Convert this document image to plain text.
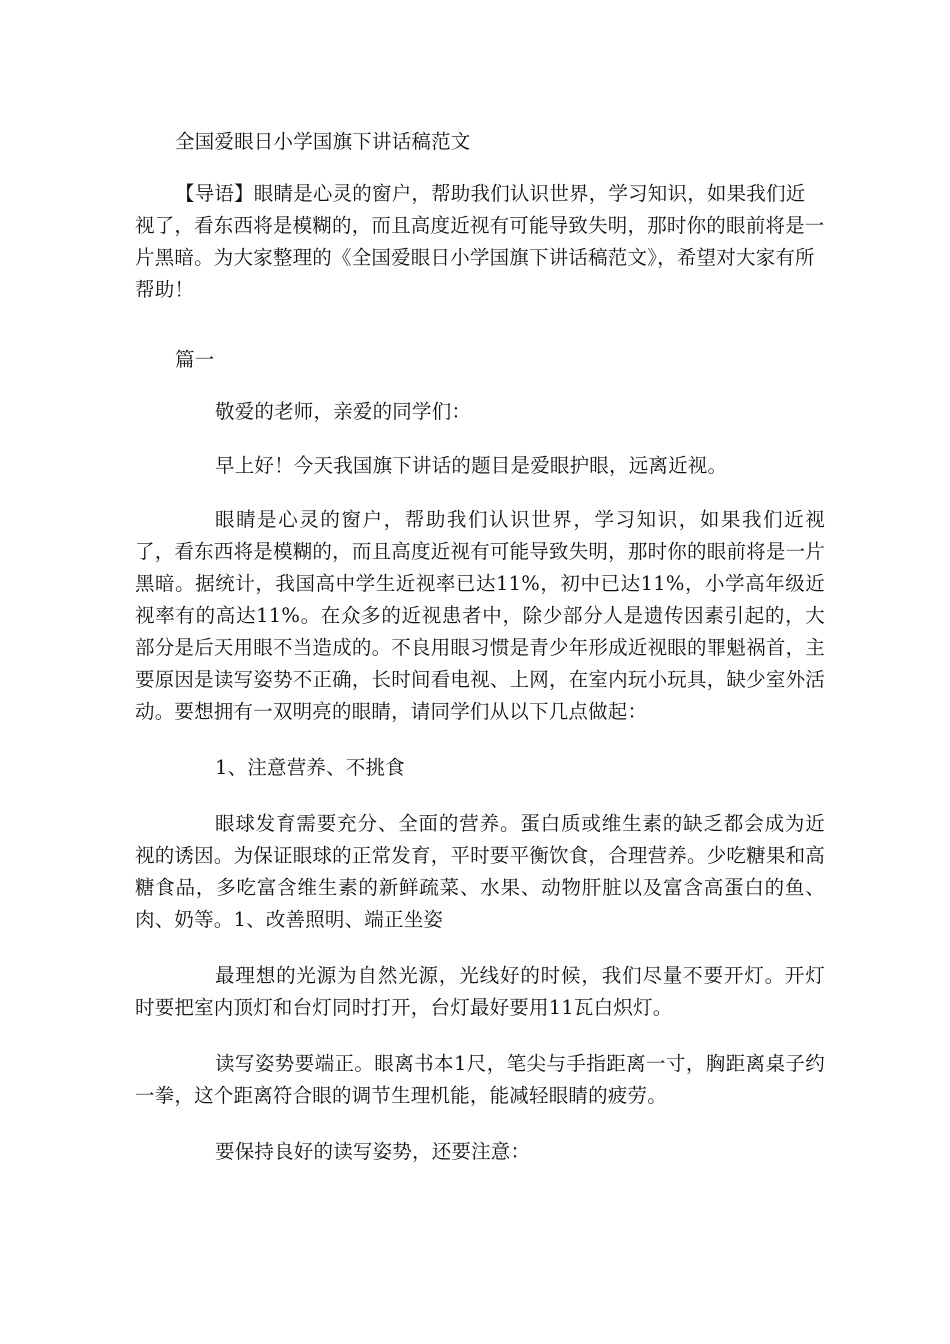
全国爱眼日小学国旗下讲话稿范文

【导语】眼睛是心灵的窗户，帮助我们认识世界，学习知识，如果我们近视了，看东西将是模糊的，而且高度近视有可能导致失明，那时你的眼前将是一片黑暗。为大家整理的《全国爱眼日小学国旗下讲话稿范文》，希望对大家有所帮助！

篇一

敬爱的老师，亲爱的同学们：

早上好！今天我国旗下讲话的题目是爱眼护眼，远离近视。

眼睛是心灵的窗户，帮助我们认识世界，学习知识，如果我们近视了，看东西将是模糊的，而且高度近视有可能导致失明，那时你的眼前将是一片黑暗。据统计，我国高中学生近视率已达11%，初中已达11%，小学高年级近视率有的高达11%。在众多的近视患者中，除少部分人是遗传因素引起的，大部分是后天用眼不当造成的。不良用眼习惯是青少年形成近视眼的罪魁祸首，主要原因是读写姿势不正确，长时间看电视、上网，在室内玩小玩具，缺少室外活动。要想拥有一双明亮的眼睛，请同学们从以下几点做起：

1、注意营养、不挑食

眼球发育需要充分、全面的营养。蛋白质或维生素的缺乏都会成为近视的诱因。为保证眼球的正常发育，平时要平衡饮食，合理营养。少吃糖果和高糖食品，多吃富含维生素的新鲜疏菜、水果、动物肝脏以及富含高蛋白的鱼、肉、奶等。1、改善照明、端正坐姿

最理想的光源为自然光源，光线好的时候，我们尽量不要开灯。开灯时要把室内顶灯和台灯同时打开，台灯最好要用11瓦白炽灯。

读写姿势要端正。眼离书本1尺，笔尖与手指距离一寸，胸距离桌子约一拳，这个距离符合眼的调节生理机能，能减轻眼睛的疲劳。

要保持良好的读写姿势，还要注意：
